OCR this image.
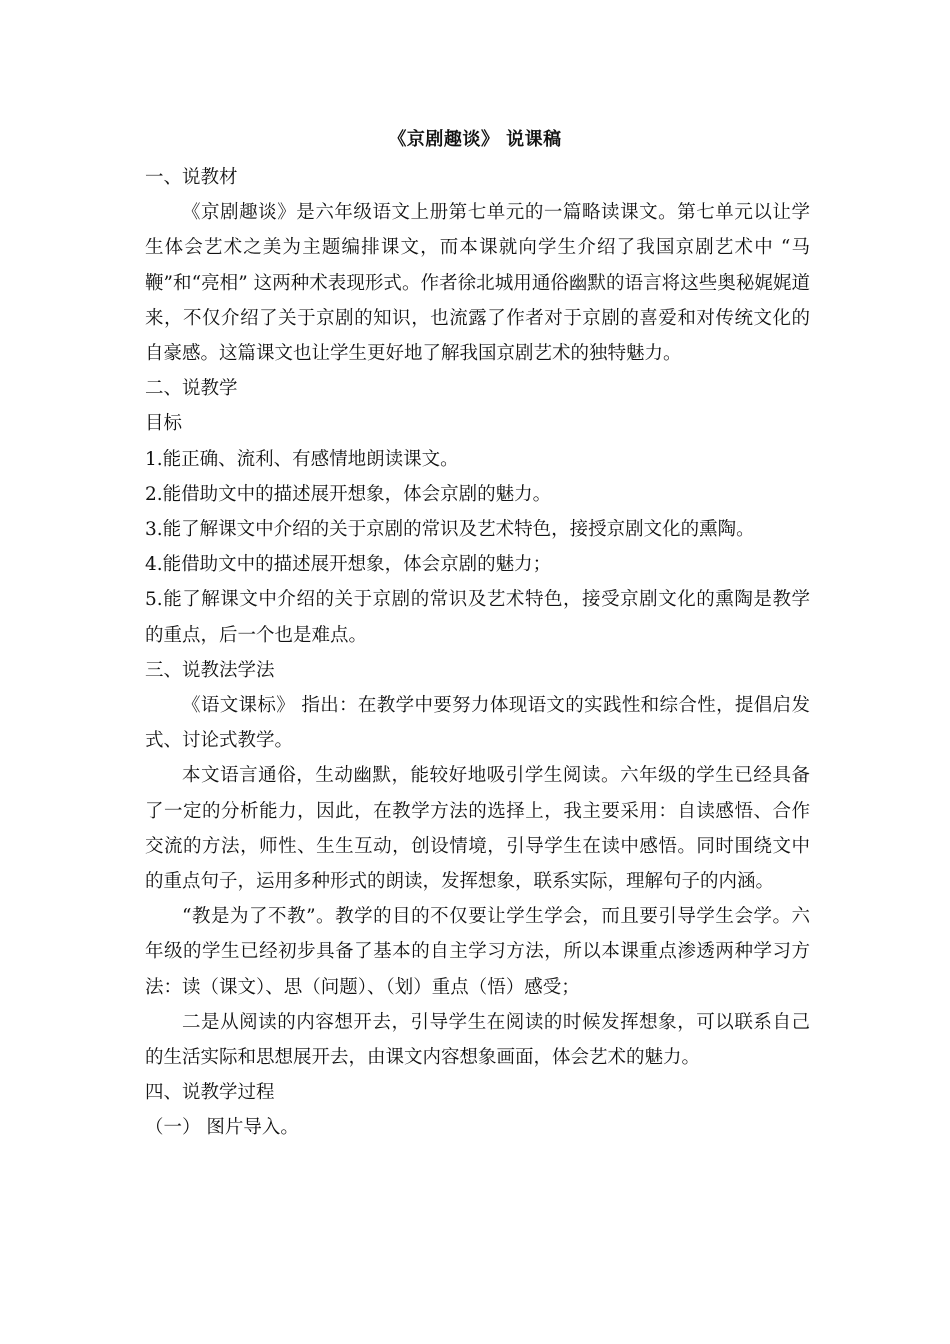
《京剧趣谈》 说课稿

一、说教材

《京剧趣谈》是六年级语文上册第七单元的一篇略读课文。第七单元以让学生体会艺术之美为主题编排课文，而本课就向学生介绍了我国京剧艺术中 “马鞭”和“亮相” 这两种术表现形式。作者徐北城用通俗幽默的语言将这些奥秘娓娓道来，不仅介绍了关于京剧的知识，也流露了作者对于京剧的喜爱和对传统文化的自豪感。这篇课文也让学生更好地了解我国京剧艺术的独特魅力。

二、说教学

目标

1.能正确、流利、有感情地朗读课文。

2.能借助文中的描述展开想象，体会京剧的魅力。

3.能了解课文中介绍的关于京剧的常识及艺术特色，接授京剧文化的熏陶。

4.能借助文中的描述展开想象，体会京剧的魅力；

5.能了解课文中介绍的关于京剧的常识及艺术特色，接受京剧文化的熏陶是教学的重点，后一个也是难点。

三、说教法学法

《语文课标》 指出：在教学中要努力体现语文的实践性和综合性，提倡启发式、讨论式教学。

本文语言通俗，生动幽默，能较好地吸引学生阅读。六年级的学生已经具备了一定的分析能力，因此，在教学方法的选择上，我主要采用：自读感悟、合作交流的方法，师性、生生互动，创设情境，引导学生在读中感悟。同时围绕文中的重点句子，运用多种形式的朗读，发挥想象，联系实际，理解句子的内涵。

“教是为了不教”。教学的目的不仅要让学生学会，而且要引导学生会学。六年级的学生已经初步具备了基本的自主学习方法，所以本课重点渗透两种学习方法：读（课文）、思（问题）、（划）重点（悟）感受；

二是从阅读的内容想开去，引导学生在阅读的时候发挥想象，可以联系自己的生活实际和思想展开去，由课文内容想象画面，体会艺术的魅力。

四、说教学过程

（一） 图片导入。
